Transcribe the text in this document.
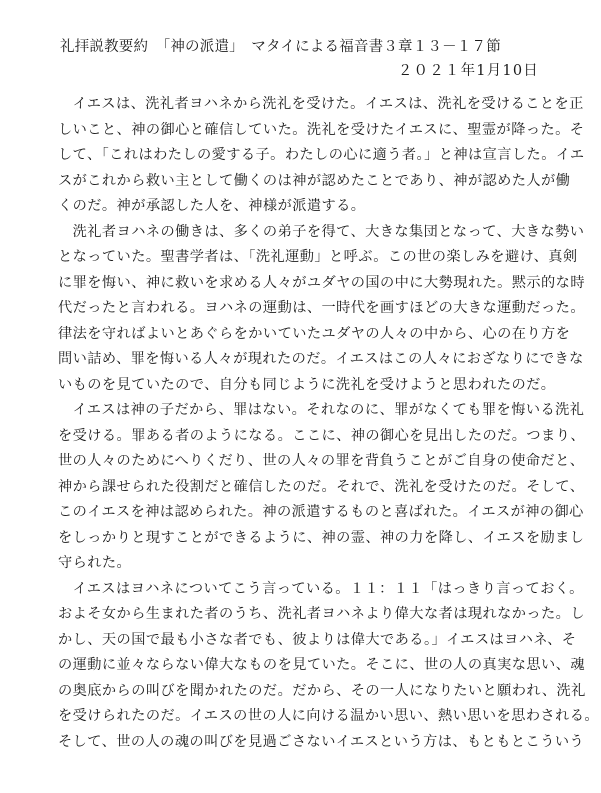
礼拝説教要約　「神の派遣」　マタイによる福音書３章１３－１７節
２０２１年1月10日
　イエスは、洗礼者ヨハネから洗礼を受けた。イエスは、洗礼を受けることを正
しいこと、神の御心と確信していた。洗礼を受けたイエスに、聖霊が降った。そ
して、「これはわたしの愛する子。わたしの心に適う者。」と神は宣言した。イエ
スがこれから救い主として働くのは神が認めたことであり、神が認めた人が働
くのだ。神が承認した人を、神様が派遣する。
　洗礼者ヨハネの働きは、多くの弟子を得て、大きな集団となって、大きな勢い
となっていた。聖書学者は、「洗礼運動」と呼ぶ。この世の楽しみを避け、真剣
に罪を悔い、神に救いを求める人々がユダヤの国の中に大勢現れた。黙示的な時
代だったと言われる。ヨハネの運動は、一時代を画すほどの大きな運動だった。
律法を守ればよいとあぐらをかいていたユダヤの人々の中から、心の在り方を
問い詰め、罪を悔いる人々が現れたのだ。イエスはこの人々におざなりにできな
いものを見ていたので、自分も同じように洗礼を受けようと思われたのだ。
　イエスは神の子だから、罪はない。それなのに、罪がなくても罪を悔いる洗礼
を受ける。罪ある者のようになる。ここに、神の御心を見出したのだ。つまり、
世の人々のためにへりくだり、世の人々の罪を背負うことがご自身の使命だと、
神から課せられた役割だと確信したのだ。それで、洗礼を受けたのだ。そして、
このイエスを神は認められた。神の派遣するものと喜ばれた。イエスが神の御心
をしっかりと現すことができるように、神の霊、神の力を降し、イエスを励まし
守られた。
　イエスはヨハネについてこう言っている。１１：１１「はっきり言っておく。
およそ女から生まれた者のうち、洗礼者ヨハネより偉大な者は現れなかった。し
かし、天の国で最も小さな者でも、彼よりは偉大である。」イエスはヨハネ、そ
の運動に並々ならない偉大なものを見ていた。そこに、世の人の真実な思い、魂
の奥底からの叫びを聞かれたのだ。だから、その一人になりたいと願われ、洗礼
を受けられたのだ。イエスの世の人に向ける温かい思い、熱い思いを思わされる。
そして、世の人の魂の叫びを見過ごさないイエスという方は、もともとこういう
